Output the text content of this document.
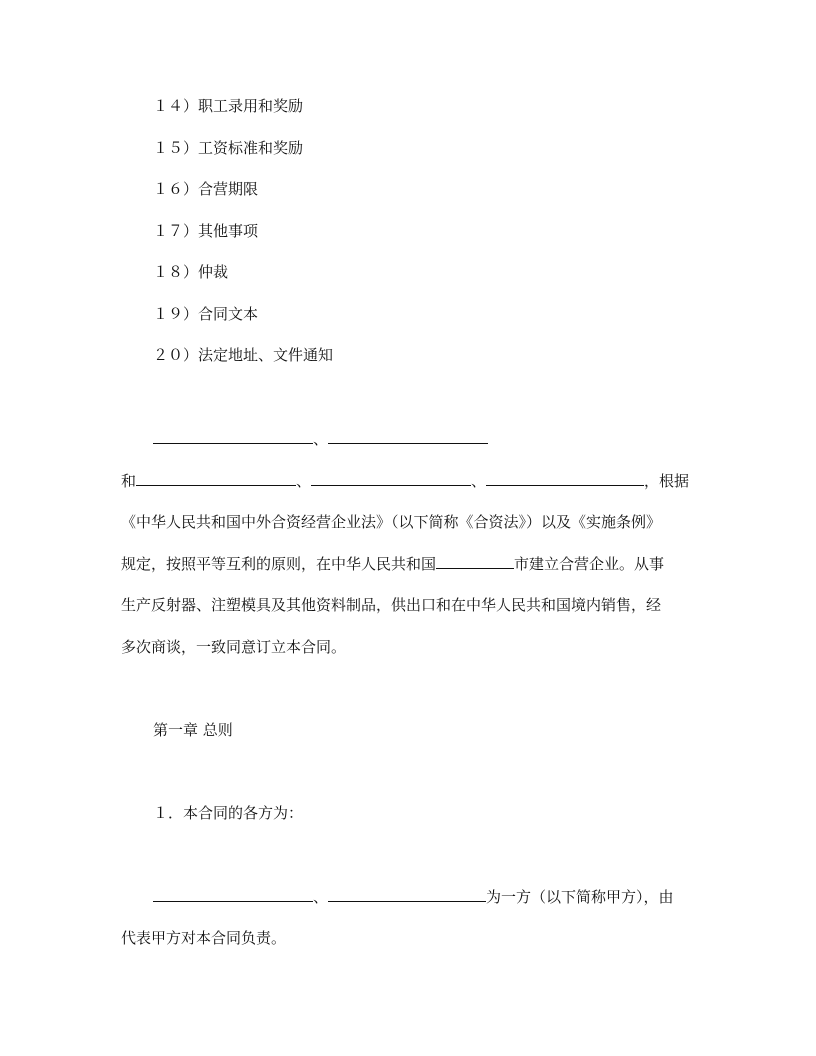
１４）职工录用和奖励
１５）工资标准和奖励
１６）合营期限
１７）其他事项
１８）仲裁
１９）合同文本
２０）法定地址、文件通知
、
和	、	、	，根据
《中华人民共和国中外合资经营企业法》（以下简称《合资法》）以及《实施条例》
规定，按照平等互利的原则，在中华人民共和国	市建立合营企业。从事
生产反射器、注塑模具及其他资料制品，供出口和在中华人民共和国境内销售，经
多次商谈，一致同意订立本合同。
第一章 总则
１．本合同的各方为：
、	为一方（以下简称甲方），由
代表甲方对本合同负责。
